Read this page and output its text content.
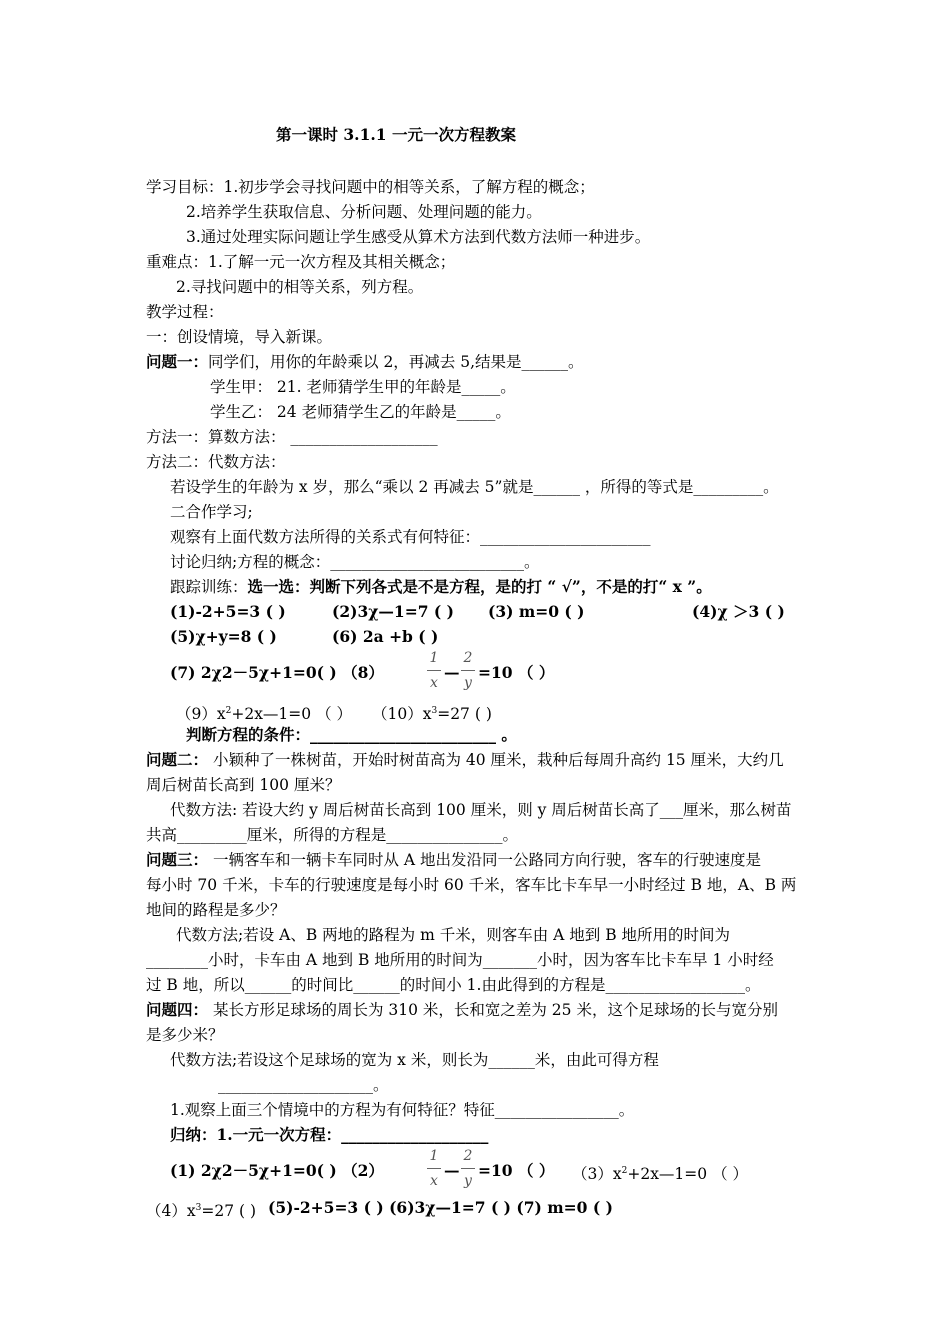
第一课时 3.1.1 一元一次方程教案
学习目标：1.初步学会寻找问题中的相等关系，了解方程的概念；
2.培养学生获取信息、分析问题、处理问题的能力。
3.通过处理实际问题让学生感受从算术方法到代数方法师一种进步。
重难点：1.了解一元一次方程及其相关概念；
2.寻找问题中的相等关系，列方程。
教学过程：
一：创设情境，导入新课。
问题一：同学们，用你的年龄乘以 2，再减去 5,结果是______。
学生甲： 21. 老师猜学生甲的年龄是_____。
学生乙： 24 老师猜学生乙的年龄是_____。
方法一：算数方法： ___________________
方法二：代数方法：
若设学生的年龄为 x 岁，那么“乘以 2 再减去 5”就是______ ，所得的等式是_________。
二合作学习;
观察有上面代数方法所得的关系式有何特征：______________________
讨论归纳;方程的概念：_________________________。
跟踪训练：选一选：判断下列各式是不是方程，是的打 “ √”，不是的打“ x ”。
(1)-2+5=3 ( )	(2)3χ—1=7 ( ) (3) m=0 ( )	(4)χ ＞3 ( )
(5)χ+y=8 ( )	(6) 2a +b ( )
(7) 2χ2－5χ+1=0( ) （8）
1
x
—
2
y
=10 （ ）
$(9)x^2+2x—1=0$ （ ） $(10)x^3=27$ ( )
判断方程的条件：________________________ 。
问题二： 小颖种了一株树苗，开始时树苗高为 40 厘米，栽种后每周升高约 15 厘米，大约几
周后树苗长高到 100 厘米？
代数方法: 若设大约 y 周后树苗长高到 100 厘米，则 y 周后树苗长高了___厘米，那么树苗
共高_________厘米，所得的方程是_______________。
问题三： 一辆客车和一辆卡车同时从 A 地出发沿同一公路同方向行驶，客车的行驶速度是
每小时 70 千米，卡车的行驶速度是每小时 60 千米，客车比卡车早一小时经过 B 地，A、B 两
地间的路程是多少？
代数方法;若设 A、B 两地的路程为 m 千米，则客车由 A 地到 B 地所用的时间为
________小时，卡车由 A 地到 B 地所用的时间为_______小时，因为客车比卡车早 1 小时经
过 B 地，所以______的时间比______的时间小 1.由此得到的方程是__________________。
问题四： 某长方形足球场的周长为 310 米，长和宽之差为 25 米，这个足球场的长与宽分别
是多少米？
代数方法;若设这个足球场的宽为 x 米，则长为______米，由此可得方程
____________________。
1.观察上面三个情境中的方程为有何特征？特征________________。
归纳：1.一元一次方程：___________________
(1) 2χ2－5χ+1=0( ) （2）
1
x
—
2
y
=10 （ ） $(3)x^2+2x—1=0$ （ ）
$(4)x^3=27$ ( ) (5)-2+5=3 ( ) (6)3χ—1=7 ( ) (7) m=0 ( )
